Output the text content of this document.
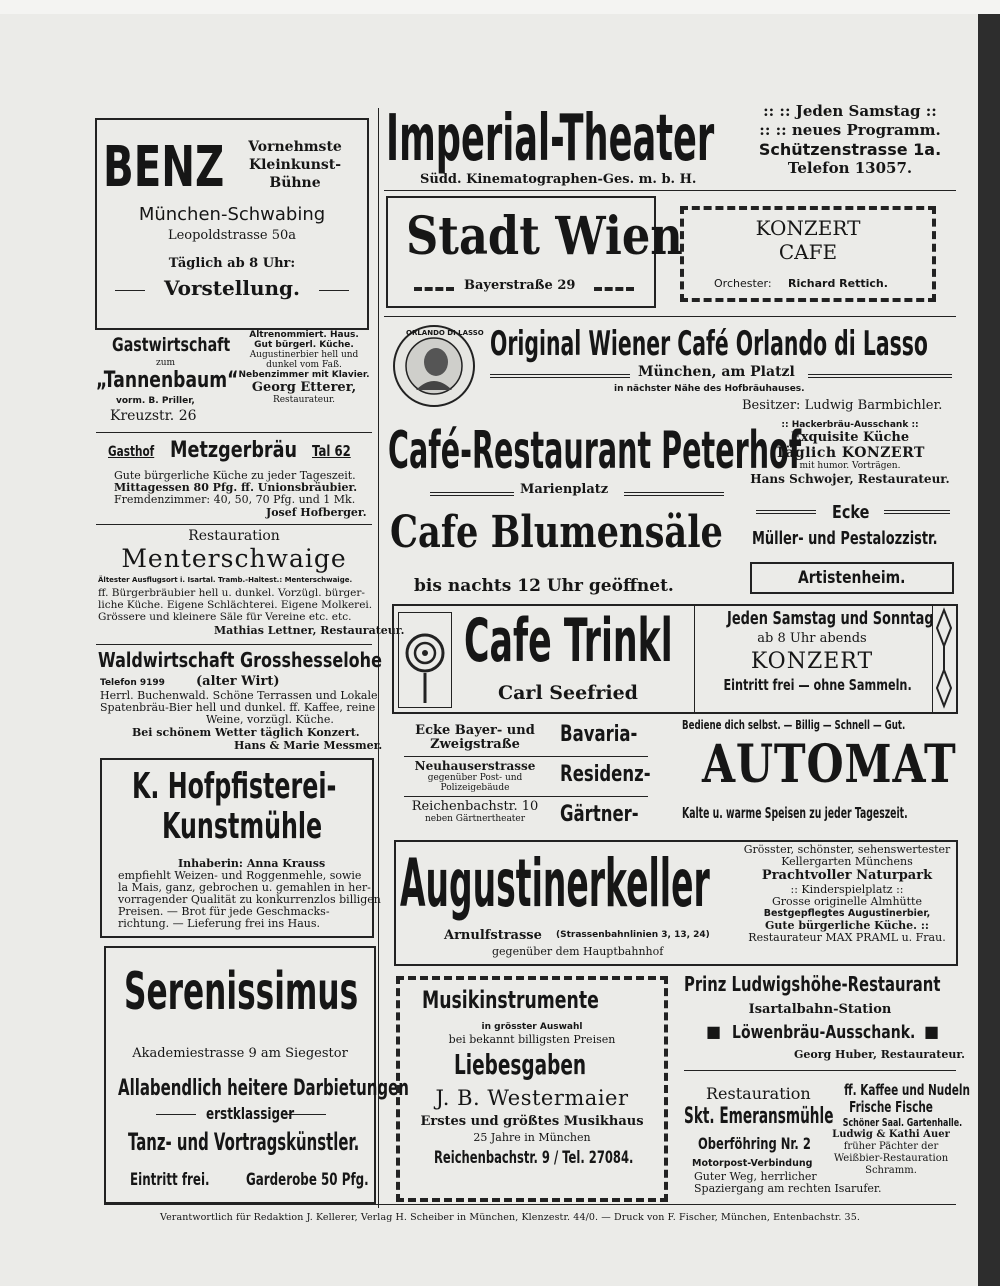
BENZ	Vornehmste
Kleinkunst-
Bühne
München-Schwabing
Leopoldstrasse 50a
Täglich ab 8 Uhr:
Vorstellung.
Gastwirtschaft
zum
„Tannenbaum“
vorm. B. Priller,
Kreuzstr. 26
Altrenommiert. Haus.
Gut bürgerl. Küche.
Augustinerbier hell und
dunkel vom Faß.
Nebenzimmer mit Klavier.
Georg Etterer,
Restaurateur.
Gasthof Metzgerbräu Tal 62
Gute bürgerliche Küche zu jeder Tageszeit.
Mittagessen 80 Pfg. ff. Unionsbräubier.
Fremdenzimmer: 40, 50, 70 Pfg. und 1 Mk.
Josef Hofberger.
Restauration
Menterschwaige
Ältester Ausflugsort i. Isartal. Tramb.-Haltest.: Menterschwaige.
ff. Bürgerbräubier hell u. dunkel. Vorzügl. bürger-
liche Küche. Eigene Schlächterei. Eigene Molkerei.
Grössere und kleinere Säle für Vereine etc. etc.
Mathias Lettner, Restaurateur.
Waldwirtschaft Grosshesselohe
Telefon 9199 (alter Wirt)
Herrl. Buchenwald. Schöne Terrassen und Lokale
Spatenbräu-Bier hell und dunkel. ff. Kaffee, reine
Weine, vorzügl. Küche.
Bei schönem Wetter täglich Konzert.
Hans & Marie Messmer.
K. Hofpfisterei-
Kunstmühle
Inhaberin: Anna Krauss
empfiehlt Weizen- und Roggenmehle, sowie
la Mais, ganz, gebrochen u. gemahlen in her-
vorragender Qualität zu konkurrenzlos billigen
Preisen. — Brot für jede Geschmacks-
richtung. — Lieferung frei ins Haus.
Serenissimus
Akademiestrasse 9 am Siegestor
Allabendlich heitere Darbietungen
erstklassiger
Tanz- und Vortragskünstler.
Eintritt frei. Garderobe 50 Pfg.
Imperial-Theater
Südd. Kinematographen-Ges. m. b. H.
:: :: Jeden Samstag ::
:: :: neues Programm.
Schützenstrasse 1a.
Telefon 13057.
Stadt Wien
Bayerstraße 29
KONZERT
CAFE
Orchester: Richard Rettich.
ORLANDO DI LASSO Original Wiener Café Orlando di Lasso
München, am Platzl
in nächster Nähe des Hofbräuhauses.
Besitzer: Ludwig Barmbichler.
Café-Restaurant Peterhof
Marienplatz
:: Hackerbräu-Ausschank ::
Exquisite Küche
Täglich KONZERT
mit humor. Vorträgen.
Hans Schwojer, Restaurateur.
Cafe Blumensäle
bis nachts 12 Uhr geöffnet.
Ecke
Müller- und Pestalozzistr.
Artistenheim.
Cafe Trinkl
Carl Seefried
Jeden Samstag und Sonntag
ab 8 Uhr abends
KONZERT
Eintritt frei — ohne Sammeln.
Ecke Bayer- und
Zweigstraße
Neuhauserstrasse
gegenüber Post- und
Polizeigebäude
Reichenbachstr. 10
neben Gärtnertheater
Bavaria-
Residenz-
Gärtner-
Bediene dich selbst. — Billig — Schnell — Gut.
AUTOMAT
Kalte u. warme Speisen zu jeder Tageszeit.
Augustinerkeller
Arnulfstrasse (Strassenbahnlinien 3, 13, 24)
gegenüber dem Hauptbahnhof
Grösster, schönster, sehenswertester
Kellergarten Münchens
Prachtvoller Naturpark
:: Kinderspielplatz ::
Grosse originelle Almhütte
Bestgepflegtes Augustinerbier,
Gute bürgerliche Küche. ::
Restaurateur MAX PRAML u. Frau.
Musikinstrumente
in grösster Auswahl
bei bekannt billigsten Preisen
Liebesgaben
J. B. Westermaier
Erstes und größtes Musikhaus
25 Jahre in München
Reichenbachstr. 9 / Tel. 27084.
Prinz Ludwigshöhe-Restaurant
Isartalbahn-Station
■	■
Löwenbräu-Ausschank.
Georg Huber, Restaurateur.
Restauration
Skt. Emeransmühle
Oberföhring Nr. 2
Motorpost-Verbindung
Guter Weg, herrlicher
Spaziergang am rechten Isarufer.
ff. Kaffee und Nudeln
Frische Fische
Schöner Saal. Gartenhalle.
Ludwig & Kathi Auer
früher Pächter der
Weißbier-Restauration
Schramm.
Verantwortlich für Redaktion J. Kellerer, Verlag H. Scheiber in München, Klenzestr. 44/0. — Druck von F. Fischer, München, Entenbachstr. 35.
